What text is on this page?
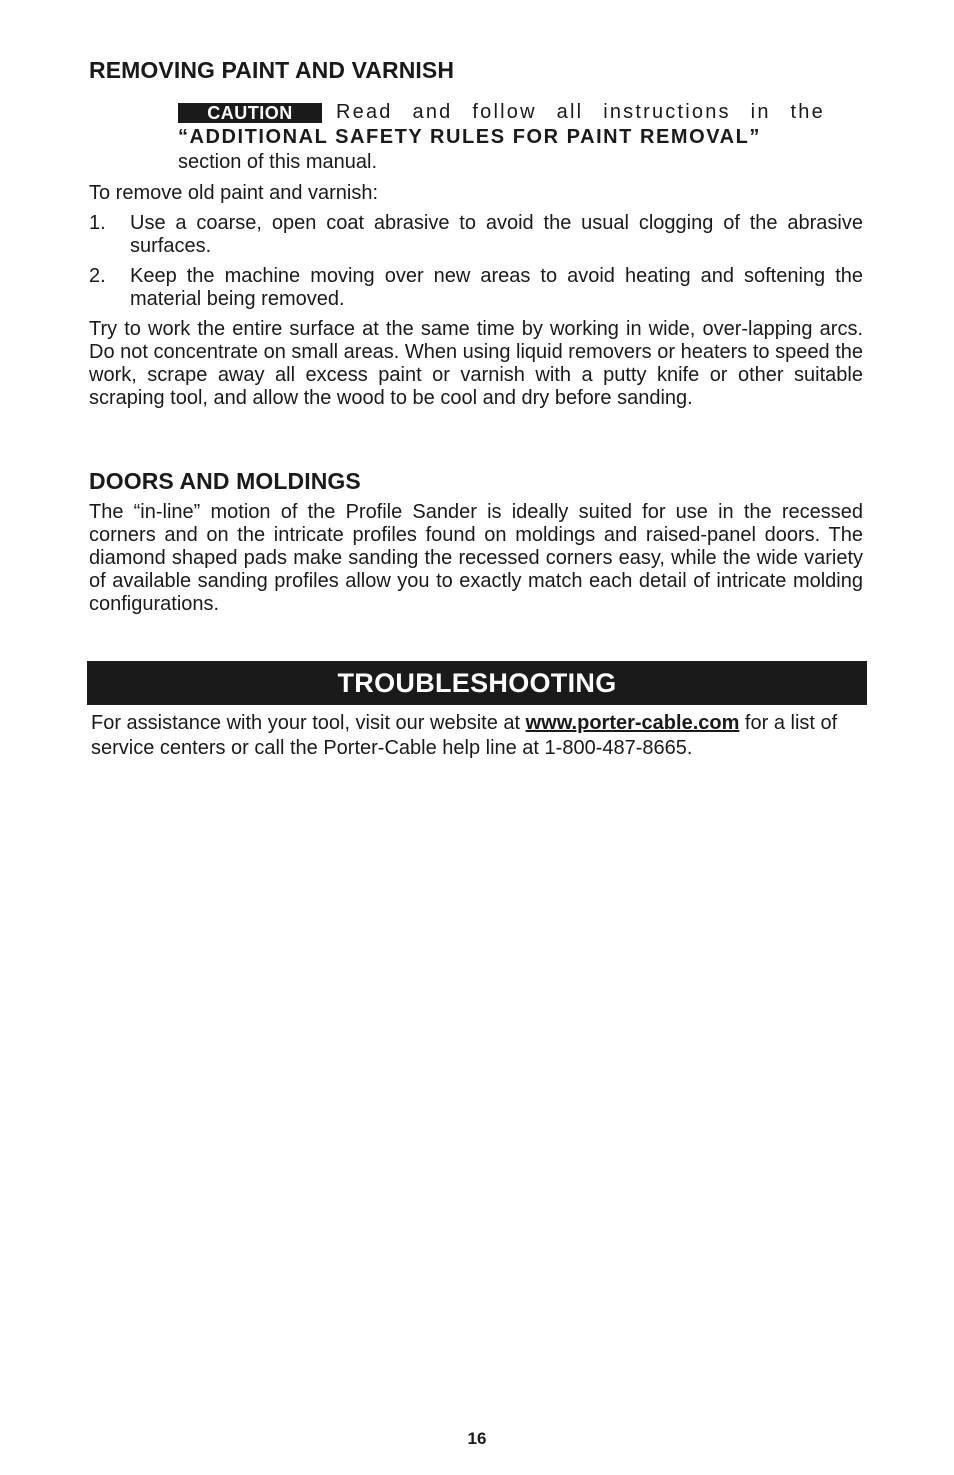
REMOVING PAINT AND VARNISH
CAUTION	Read and follow all instructions in the
“ADDITIONAL SAFETY RULES FOR PAINT REMOVAL”
section of this manual.

To remove old paint and varnish:

1. Use a coarse, open coat abrasive to avoid the usual clogging of the abrasive surfaces.
2. Keep the machine moving over new areas to avoid heating and softening the material being removed.

Try to work the entire surface at the same time by working in wide, over-lapping arcs. Do not concentrate on small areas. When using liquid removers or heaters to speed the work, scrape away all excess paint or varnish with a putty knife or other suitable scraping tool, and allow the wood to be cool and dry before sanding.

DOORS AND MOLDINGS

The “in-line” motion of the Profile Sander is ideally suited for use in the recessed corners and on the intricate profiles found on moldings and raised-panel doors. The diamond shaped pads make sanding the recessed corners easy, while the wide variety of available sanding profiles allow you to exactly match each detail of intricate molding configurations.

TROUBLESHOOTING

For assistance with your tool, visit our website at www.porter-cable.com for a list of service centers or call the Porter-Cable help line at 1-800-487-8665.

16
